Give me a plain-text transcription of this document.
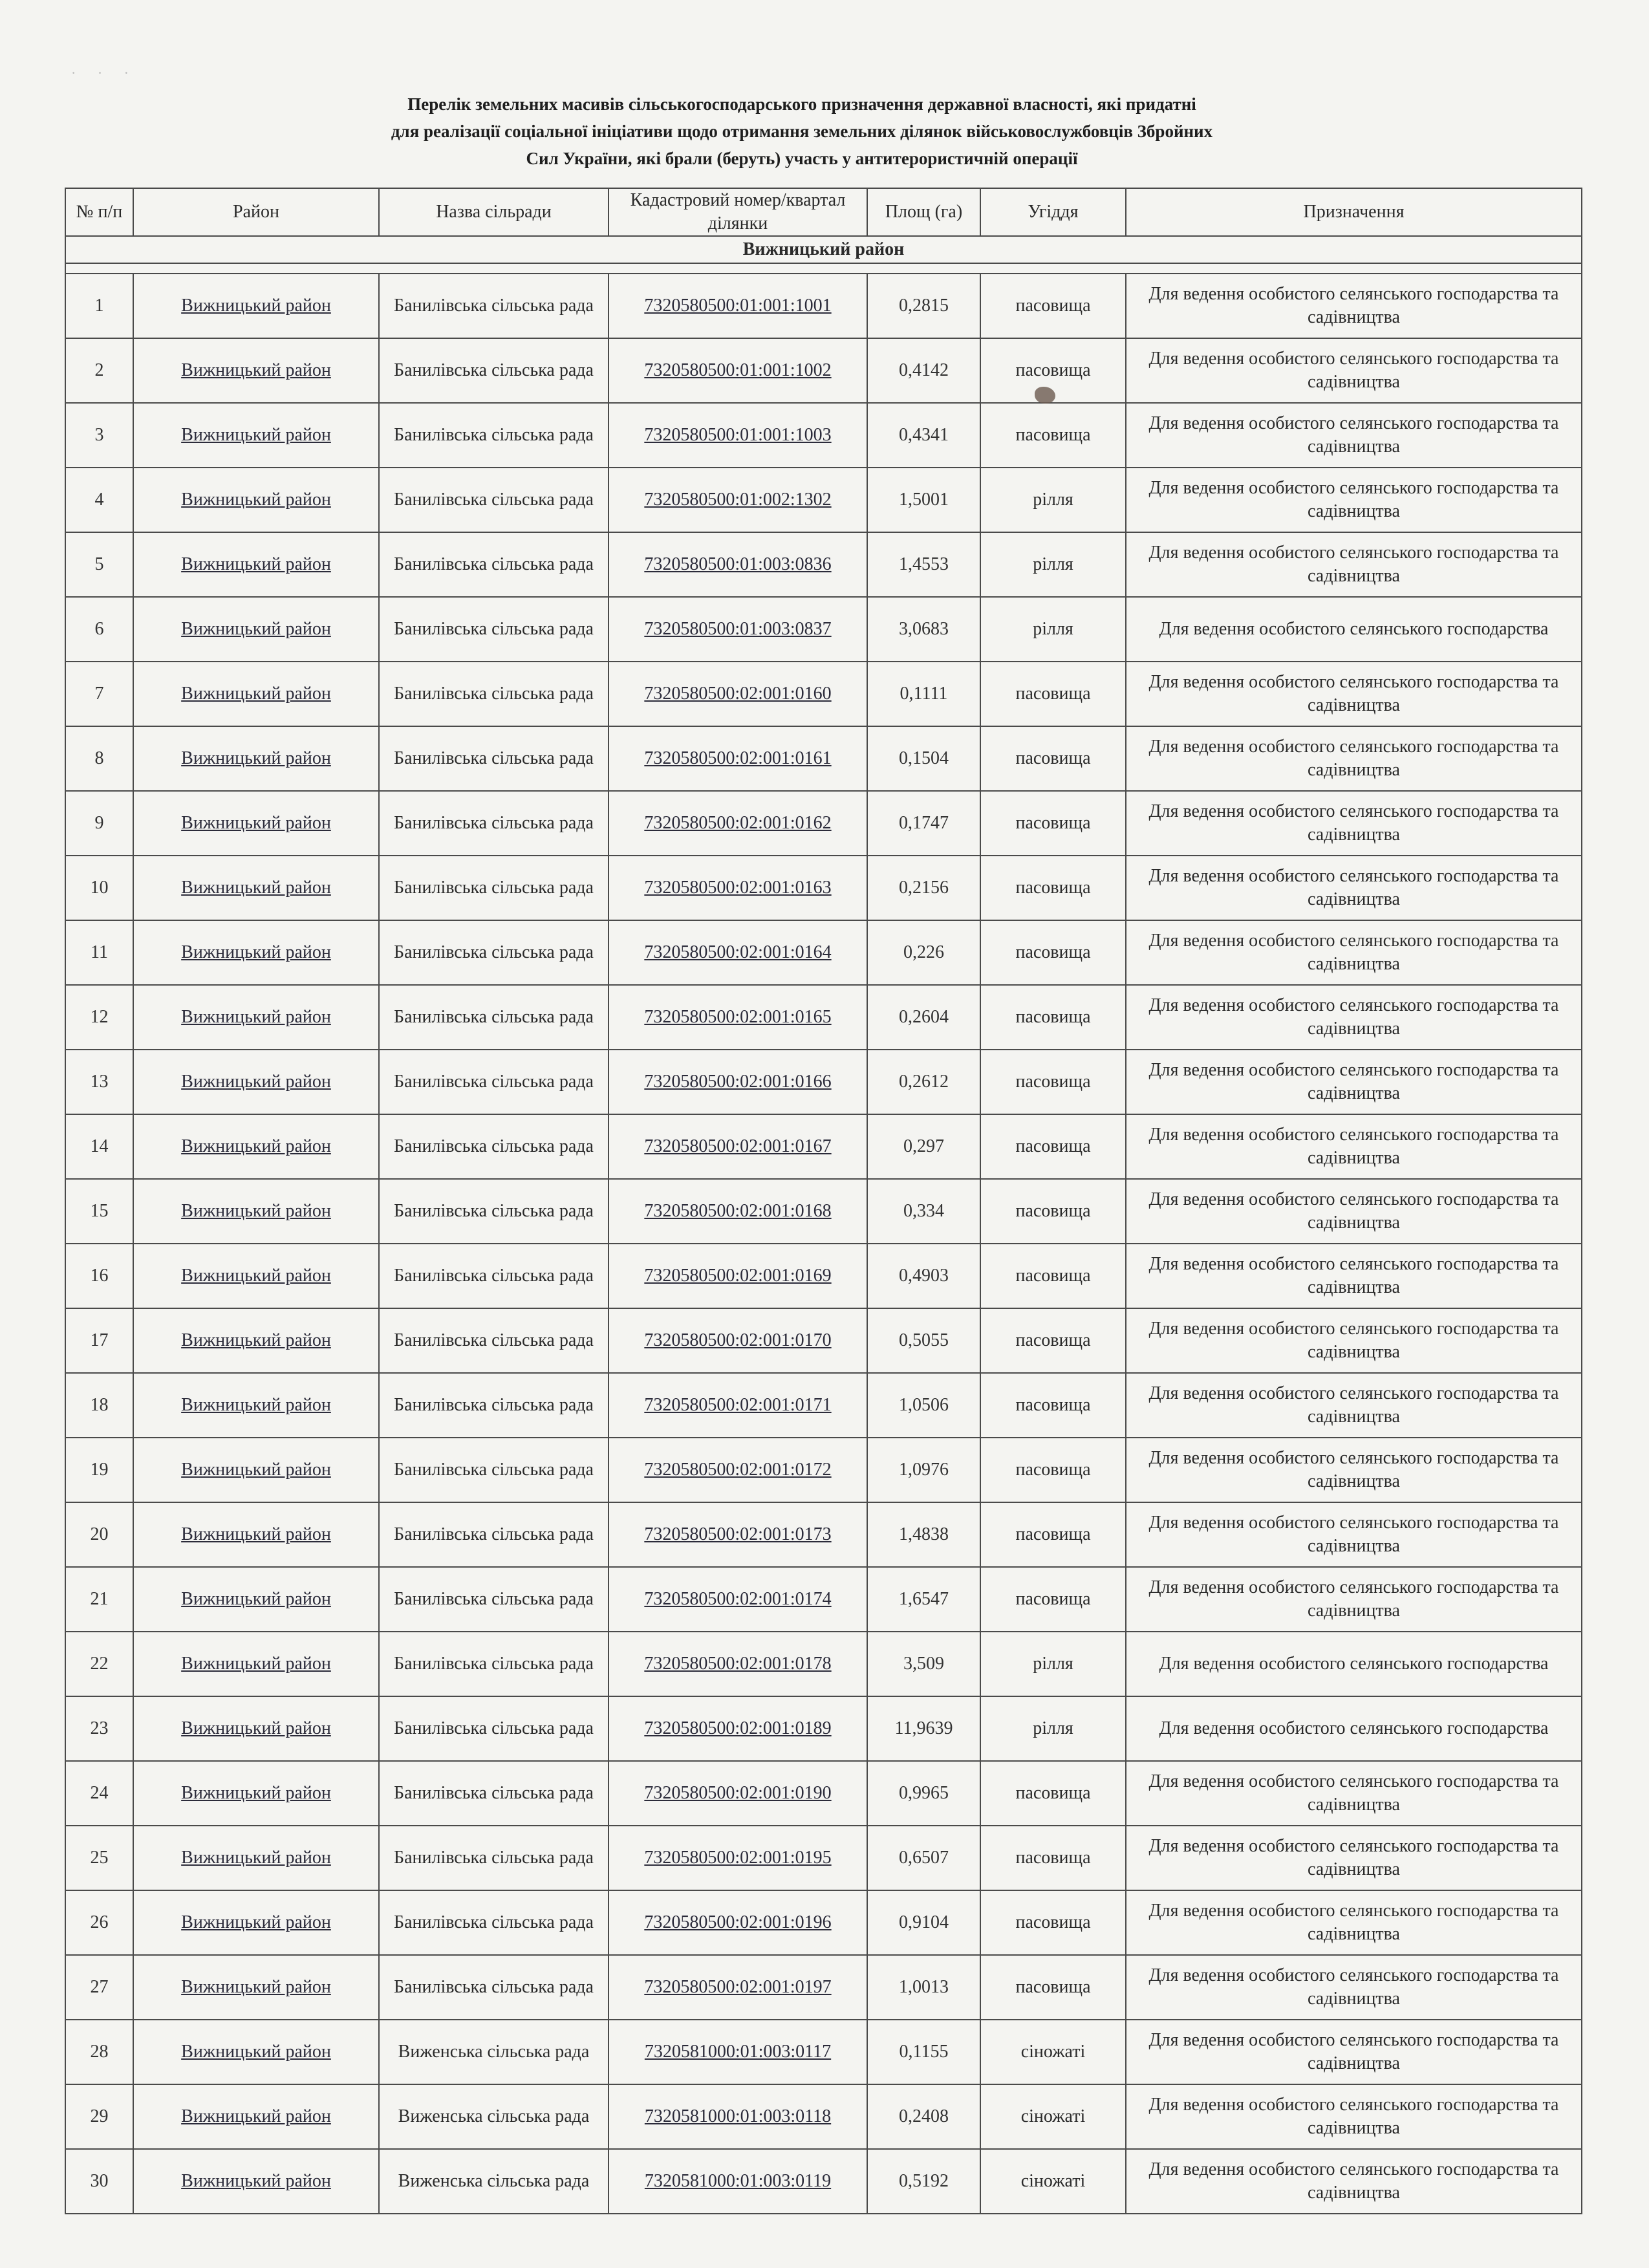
· · ·
Перелік земельних масивів сільськогосподарського призначення державної власності, які придатні
для реалізації соціальної ініціативи щодо отримання земельних ділянок військовослужбовців Збройних
Сил України, які брали (беруть) участь у антитерористичній операції
№ п/п	Район	Назва сільради	Кадастровий номер/квартал ділянки	Площ (га)	Угіддя	Призначення
Вижницький район						

1	Вижницький район	Банилівська сільська рада	7320580500:01:001:1001	0,2815	пасовища	Для ведення особистого селянського господарства та садівництва
2	Вижницький район	Банилівська сільська рада	7320580500:01:001:1002	0,4142	пасовища	Для ведення особистого селянського господарства та садівництва
3	Вижницький район	Банилівська сільська рада	7320580500:01:001:1003	0,4341	пасовища	Для ведення особистого селянського господарства та садівництва
4	Вижницький район	Банилівська сільська рада	7320580500:01:002:1302	1,5001	рілля	Для ведення особистого селянського господарства та садівництва
5	Вижницький район	Банилівська сільська рада	7320580500:01:003:0836	1,4553	рілля	Для ведення особистого селянського господарства та садівництва
6	Вижницький район	Банилівська сільська рада	7320580500:01:003:0837	3,0683	рілля	Для ведення особистого селянського господарства
7	Вижницький район	Банилівська сільська рада	7320580500:02:001:0160	0,1111	пасовища	Для ведення особистого селянського господарства та садівництва
8	Вижницький район	Банилівська сільська рада	7320580500:02:001:0161	0,1504	пасовища	Для ведення особистого селянського господарства та садівництва
9	Вижницький район	Банилівська сільська рада	7320580500:02:001:0162	0,1747	пасовища	Для ведення особистого селянського господарства та садівництва
10	Вижницький район	Банилівська сільська рада	7320580500:02:001:0163	0,2156	пасовища	Для ведення особистого селянського господарства та садівництва
11	Вижницький район	Банилівська сільська рада	7320580500:02:001:0164	0,226	пасовища	Для ведення особистого селянського господарства та садівництва
12	Вижницький район	Банилівська сільська рада	7320580500:02:001:0165	0,2604	пасовища	Для ведення особистого селянського господарства та садівництва
13	Вижницький район	Банилівська сільська рада	7320580500:02:001:0166	0,2612	пасовища	Для ведення особистого селянського господарства та садівництва
14	Вижницький район	Банилівська сільська рада	7320580500:02:001:0167	0,297	пасовища	Для ведення особистого селянського господарства та садівництва
15	Вижницький район	Банилівська сільська рада	7320580500:02:001:0168	0,334	пасовища	Для ведення особистого селянського господарства та садівництва
16	Вижницький район	Банилівська сільська рада	7320580500:02:001:0169	0,4903	пасовища	Для ведення особистого селянського господарства та садівництва
17	Вижницький район	Банилівська сільська рада	7320580500:02:001:0170	0,5055	пасовища	Для ведення особистого селянського господарства та садівництва
18	Вижницький район	Банилівська сільська рада	7320580500:02:001:0171	1,0506	пасовища	Для ведення особистого селянського господарства та садівництва
19	Вижницький район	Банилівська сільська рада	7320580500:02:001:0172	1,0976	пасовища	Для ведення особистого селянського господарства та садівництва
20	Вижницький район	Банилівська сільська рада	7320580500:02:001:0173	1,4838	пасовища	Для ведення особистого селянського господарства та садівництва
21	Вижницький район	Банилівська сільська рада	7320580500:02:001:0174	1,6547	пасовища	Для ведення особистого селянського господарства та садівництва
22	Вижницький район	Банилівська сільська рада	7320580500:02:001:0178	3,509	рілля	Для ведення особистого селянського господарства
23	Вижницький район	Банилівська сільська рада	7320580500:02:001:0189	11,9639	рілля	Для ведення особистого селянського господарства
24	Вижницький район	Банилівська сільська рада	7320580500:02:001:0190	0,9965	пасовища	Для ведення особистого селянського господарства та садівництва
25	Вижницький район	Банилівська сільська рада	7320580500:02:001:0195	0,6507	пасовища	Для ведення особистого селянського господарства та садівництва
26	Вижницький район	Банилівська сільська рада	7320580500:02:001:0196	0,9104	пасовища	Для ведення особистого селянського господарства та садівництва
27	Вижницький район	Банилівська сільська рада	7320580500:02:001:0197	1,0013	пасовища	Для ведення особистого селянського господарства та садівництва
28	Вижницький район	Виженська сільська рада	7320581000:01:003:0117	0,1155	сіножаті	Для ведення особистого селянського господарства та садівництва
29	Вижницький район	Виженська сільська рада	7320581000:01:003:0118	0,2408	сіножаті	Для ведення особистого селянського господарства та садівництва
30	Вижницький район	Виженська сільська рада	7320581000:01:003:0119	0,5192	сіножаті	Для ведення особистого селянського господарства та садівництва
